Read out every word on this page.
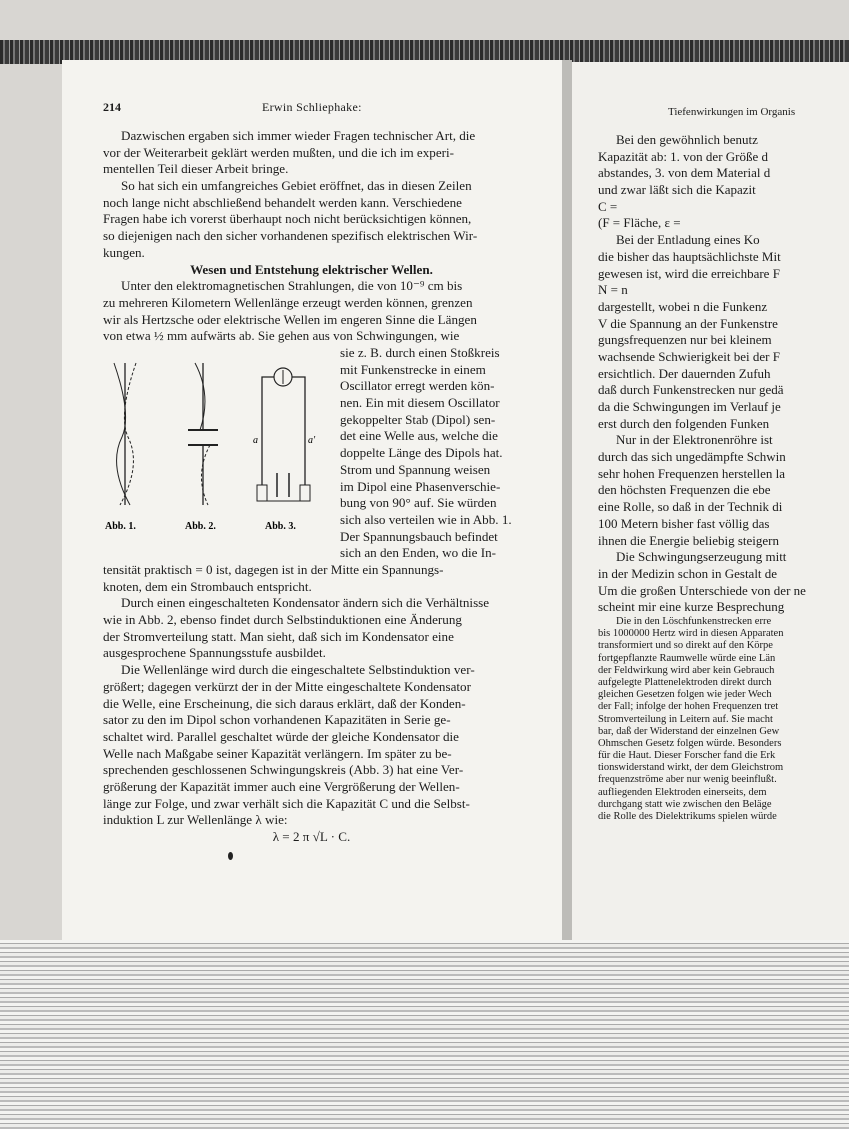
214	Erwin Schliephake:
Dazwischen ergaben sich immer wieder Fragen technischer Art, die
vor der Weiterarbeit geklärt werden mußten, und die ich im experi-
mentellen Teil dieser Arbeit bringe.
So hat sich ein umfangreiches Gebiet eröffnet, das in diesen Zeilen
noch lange nicht abschließend behandelt werden kann. Verschiedene
Fragen habe ich vorerst überhaupt noch nicht berücksichtigen können,
so diejenigen nach den sicher vorhandenen spezifisch elektrischen Wir-
kungen.
Wesen und Entstehung elektrischer Wellen.
Unter den elektromagnetischen Strahlungen, die von 10⁻⁹ cm bis
zu mehreren Kilometern Wellenlänge erzeugt werden können, grenzen
wir als Hertzsche oder elektrische Wellen im engeren Sinne die Längen
von etwa ½ mm aufwärts ab. Sie gehen aus von Schwingungen, wie
sie z. B. durch einen Stoßkreis
mit Funkenstrecke in einem
Oscillator erregt werden kön-
nen. Ein mit diesem Oscillator
gekoppelter Stab (Dipol) sen-
det eine Welle aus, welche die
doppelte Länge des Dipols hat.
Strom und Spannung weisen
im Dipol eine Phasenverschie-
bung von 90° auf. Sie würden
sich also verteilen wie in Abb. 1.
Der Spannungsbauch befindet
sich an den Enden, wo die In-
a	a'
Abb. 1.	Abb. 2.	Abb. 3.
tensität praktisch = 0 ist, dagegen ist in der Mitte ein Spannungs-
knoten, dem ein Strombauch entspricht.
Durch einen eingeschalteten Kondensator ändern sich die Verhältnisse
wie in Abb. 2, ebenso findet durch Selbstinduktionen eine Änderung
der Stromverteilung statt. Man sieht, daß sich im Kondensator eine
ausgesprochene Spannungsstufe ausbildet.
Die Wellenlänge wird durch die eingeschaltete Selbstinduktion ver-
größert; dagegen verkürzt der in der Mitte eingeschaltete Kondensator
die Welle, eine Erscheinung, die sich daraus erklärt, daß der Konden-
sator zu den im Dipol schon vorhandenen Kapazitäten in Serie ge-
schaltet wird. Parallel geschaltet würde der gleiche Kondensator die
Welle nach Maßgabe seiner Kapazität verlängern. Im später zu be-
sprechenden geschlossenen Schwingungskreis (Abb. 3) hat eine Ver-
größerung der Kapazität immer auch eine Vergrößerung der Wellen-
länge zur Folge, und zwar verhält sich die Kapazität C und die Selbst-
induktion L zur Wellenlänge λ wie:
λ = 2 π √L · C.
Tiefenwirkungen im Organis
Bei den gewöhnlich benutz
Kapazität ab: 1. von der Größe d
abstandes, 3. von dem Material d
und zwar läßt sich die Kapazit
C =
(F = Fläche, ε =
Bei der Entladung eines Ko
die bisher das hauptsächlichste Mit
gewesen ist, wird die erreichbare F
N = n
dargestellt, wobei n die Funkenz
V die Spannung an der Funkenstre
gungsfrequenzen nur bei kleinem
wachsende Schwierigkeit bei der F
ersichtlich. Der dauernden Zufuh
daß durch Funkenstrecken nur gedä
da die Schwingungen im Verlauf je
erst durch den folgenden Funken
Nur in der Elektronenröhre ist
durch das sich ungedämpfte Schwin
sehr hohen Frequenzen herstellen la
den höchsten Frequenzen die ebe
eine Rolle, so daß in der Technik di
100 Metern bisher fast völlig das
ihnen die Energie beliebig steigern
Die Schwingungserzeugung mitt
in der Medizin schon in Gestalt de
Um die großen Unterschiede von der ne
scheint mir eine kurze Besprechung
Die in den Löschfunkenstrecken erre
bis 1000000 Hertz wird in diesen Apparaten
transformiert und so direkt auf den Körpe
fortgepflanzte Raumwelle würde eine Län
der Feldwirkung wird aber kein Gebrauch
aufgelegte Plattenelektroden direkt durch
gleichen Gesetzen folgen wie jeder Wech
der Fall; infolge der hohen Frequenzen tret
Stromverteilung in Leitern auf. Sie macht
bar, daß der Widerstand der einzelnen Gew
Ohmschen Gesetz folgen würde. Besonders
für die Haut. Dieser Forscher fand die Erk
tionswiderstand wirkt, der dem Gleichstrom
frequenzströme aber nur wenig beeinflußt.
aufliegenden Elektroden einerseits, dem
durchgang statt wie zwischen den Beläge
die Rolle des Dielektrikums spielen würde
